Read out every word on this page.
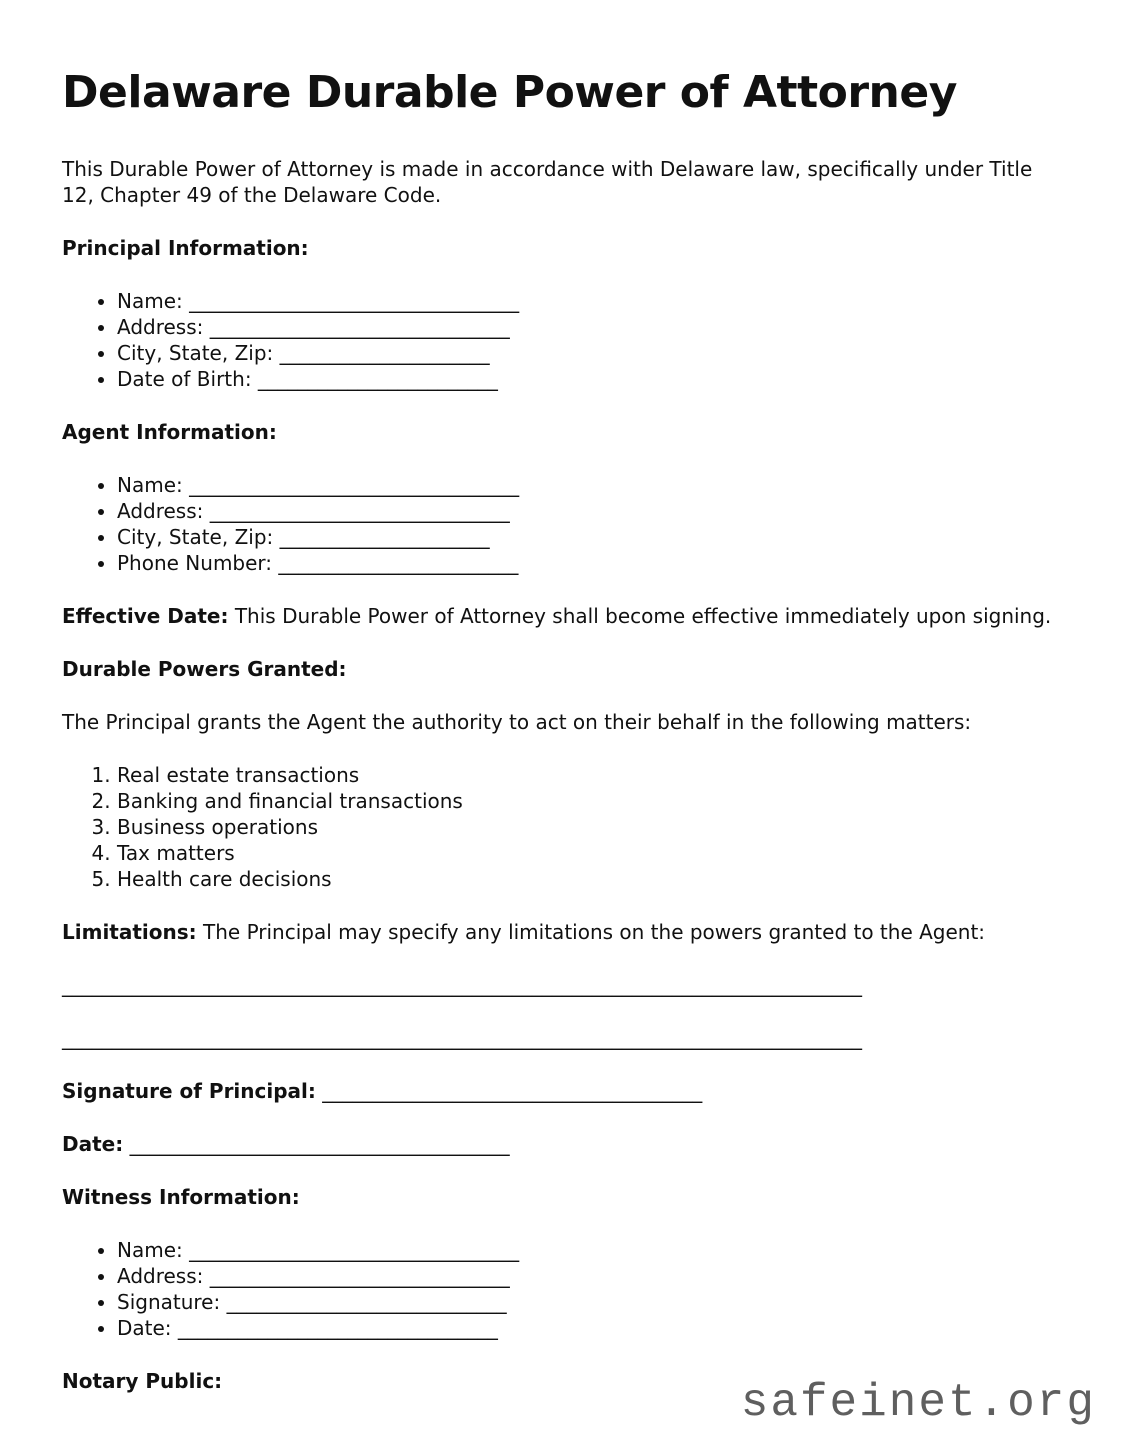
Delaware Durable Power of Attorney

This Durable Power of Attorney is made in accordance with Delaware law, specifically under Title 12, Chapter 49 of the Delaware Code.

Principal Information:
• Name: _________________________________
• Address: ______________________________
• City, State, Zip: _____________________
• Date of Birth: ________________________
Agent Information:
• Name: _________________________________
• Address: ______________________________
• City, State, Zip: _____________________
• Phone Number: ________________________

Effective Date: This Durable Power of Attorney shall become effective immediately upon signing.

Durable Powers Granted:

The Principal grants the Agent the authority to act on their behalf in the following matters:

1. Real estate transactions
2. Banking and financial transactions
3. Business operations
4. Tax matters
5. Health care decisions

Limitations: The Principal may specify any limitations on the powers granted to the Agent:

________________________________________________________________________________

________________________________________________________________________________

Signature of Principal: ______________________________________

Date: ______________________________________

Witness Information:
• Name: _________________________________
• Address: ______________________________
• Signature: ____________________________
• Date: ________________________________
Notary Public:	safeinet.org
